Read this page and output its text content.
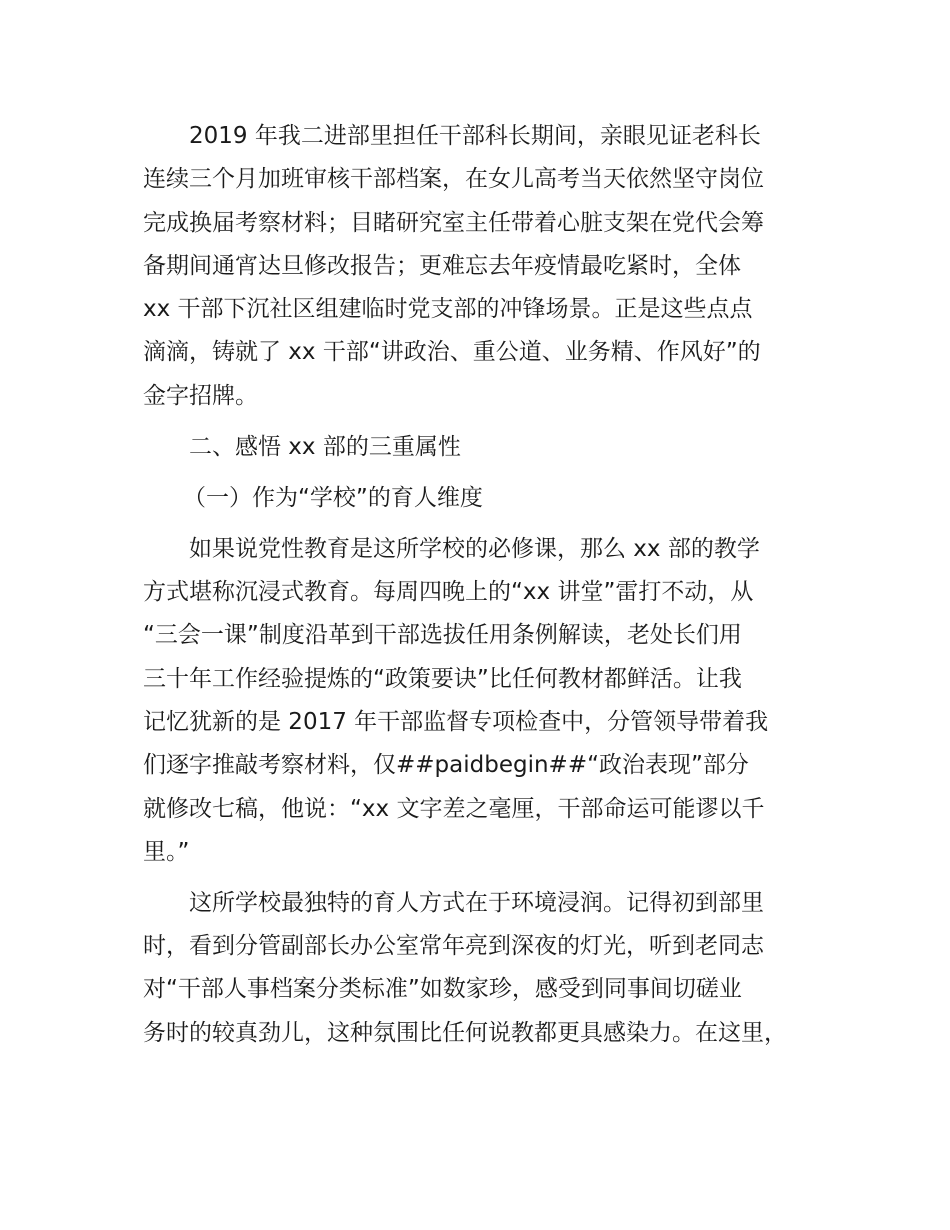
2019 年我二进部里担任干部科长期间，亲眼见证老科长
连续三个月加班审核干部档案，在女儿高考当天依然坚守岗位
完成换届考察材料；目睹研究室主任带着心脏支架在党代会筹
备期间通宵达旦修改报告；更难忘去年疫情最吃紧时，全体
xx 干部下沉社区组建临时党支部的冲锋场景。正是这些点点
滴滴，铸就了 xx 干部“讲政治、重公道、业务精、作风好”的
金字招牌。

二、感悟 xx 部的三重属性

（一）作为“学校”的育人维度

如果说党性教育是这所学校的必修课，那么 xx 部的教学
方式堪称沉浸式教育。每周四晚上的“xx 讲堂”雷打不动，从
“三会一课”制度沿革到干部选拔任用条例解读，老处长们用
三十年工作经验提炼的“政策要诀”比任何教材都鲜活。让我
记忆犹新的是 2017 年干部监督专项检查中，分管领导带着我
们逐字推敲考察材料，仅##paidbegin##“政治表现”部分
就修改七稿，他说：“xx 文字差之毫厘，干部命运可能谬以千
里。”

这所学校最独特的育人方式在于环境浸润。记得初到部里
时，看到分管副部长办公室常年亮到深夜的灯光，听到老同志
对“干部人事档案分类标准”如数家珍，感受到同事间切磋业
务时的较真劲儿，这种氛围比任何说教都更具感染力。在这里，
